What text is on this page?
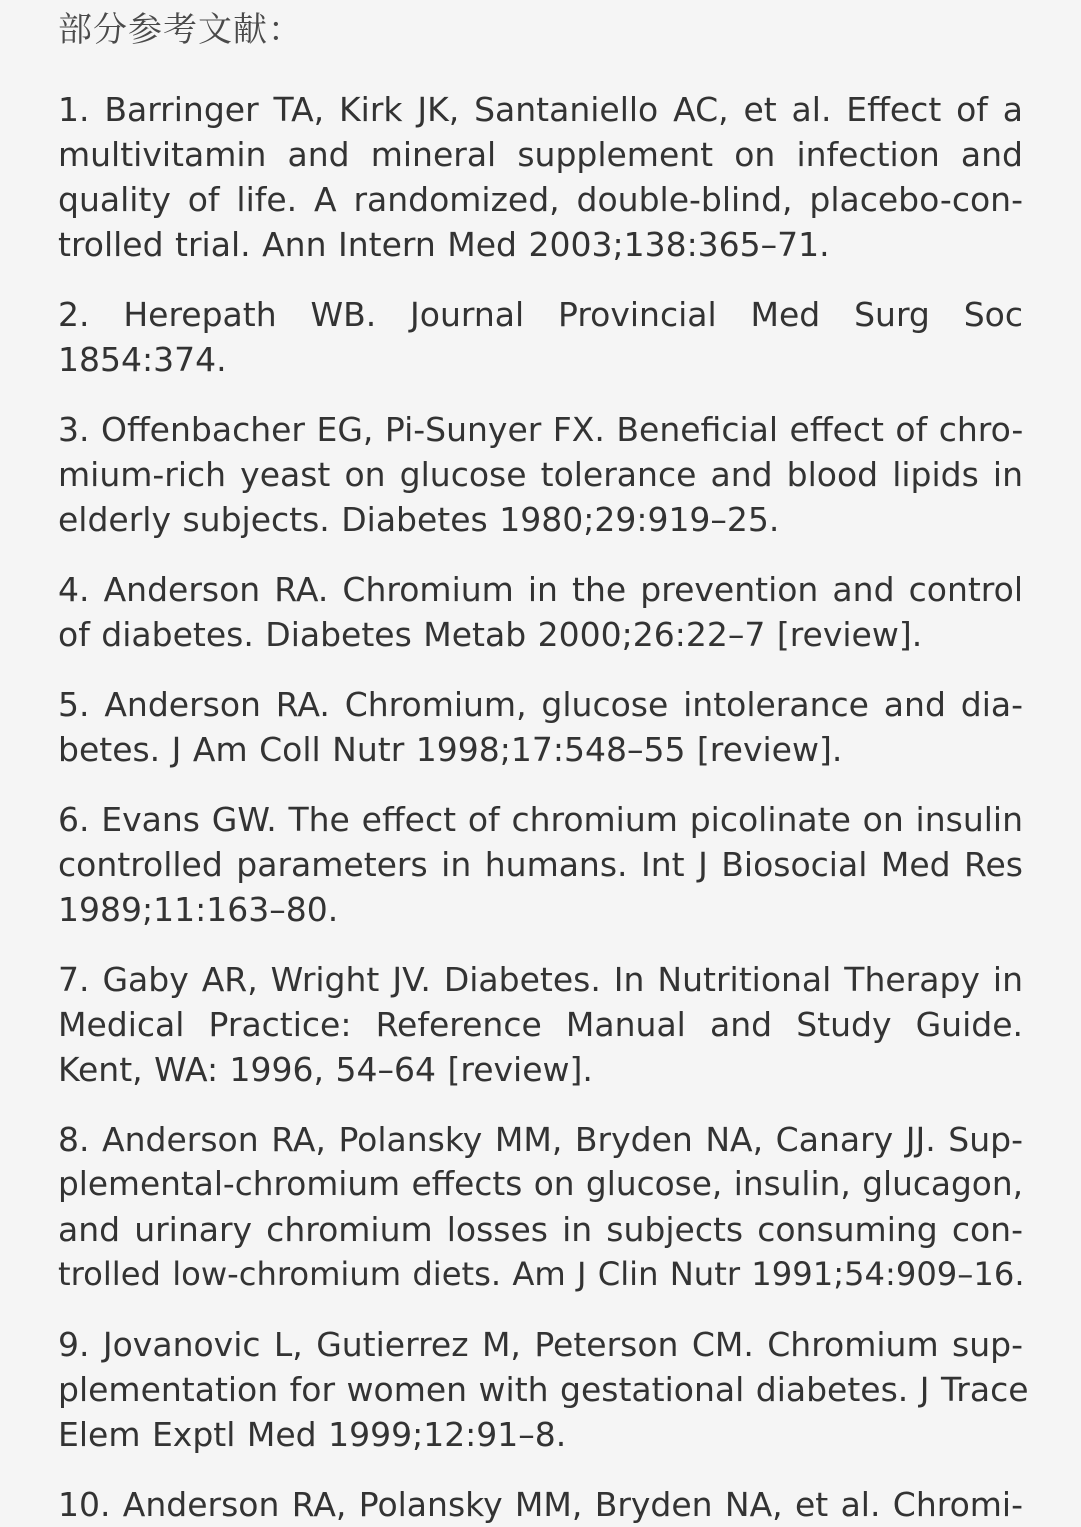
部分参考文献：
1. Barringer TA, Kirk JK, Santaniello AC, et al. Effect of a
multivitamin and mineral supplement on infection and
quality of life. A randomized, double-blind, placebo-con-
trolled trial. Ann Intern Med 2003;138:365–71.
2. Herepath WB. Journal Provincial Med Surg Soc
1854:374.
3. Offenbacher EG, Pi-Sunyer FX. Beneficial effect of chro-
mium-rich yeast on glucose tolerance and blood lipids in
elderly subjects. Diabetes 1980;29:919–25.
4. Anderson RA. Chromium in the prevention and control
of diabetes. Diabetes Metab 2000;26:22–7 [review].
5. Anderson RA. Chromium, glucose intolerance and dia-
betes. J Am Coll Nutr 1998;17:548–55 [review].
6. Evans GW. The effect of chromium picolinate on insulin
controlled parameters in humans. Int J Biosocial Med Res
1989;11:163–80.
7. Gaby AR, Wright JV. Diabetes. In Nutritional Therapy in
Medical Practice: Reference Manual and Study Guide.
Kent, WA: 1996, 54–64 [review].
8. Anderson RA, Polansky MM, Bryden NA, Canary JJ. Sup-
plemental-chromium effects on glucose, insulin, glucagon,
and urinary chromium losses in subjects consuming con-
trolled low-chromium diets. Am J Clin Nutr 1991;54:909–16.
9. Jovanovic L, Gutierrez M, Peterson CM. Chromium sup-
plementation for women with gestational diabetes. J Trace
Elem Exptl Med 1999;12:91–8.
10. Anderson RA, Polansky MM, Bryden NA, et al. Chromi-
